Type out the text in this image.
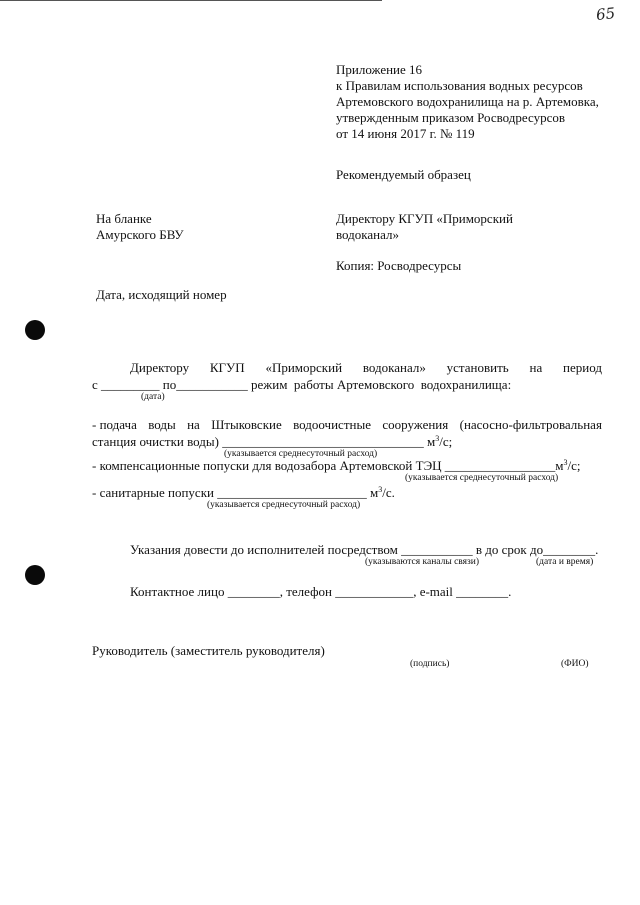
65
Приложение 16
к Правилам использования водных ресурсов
Артемовского водохранилища на р. Артемовка,
утвержденным приказом Росводресурсов
от 14 июня 2017 г. № 119
Рекомендуемый образец
На бланке
Амурского БВУ
Директору КГУП «Приморский
водоканал»
Копия: Росводресурсы
Дата, исходящий номер
Директору КГУП «Приморский водоканал» установить на период
с _________ по___________ режим  работы Артемовского  водохранилища:
(дата)
- подача воды на Штыковские водоочистные сооружения (насосно-фильтровальная
станция очистки воды) _______________________________ $м^3/с$;
(указывается среднесуточный расход)
- компенсационные попуски для водозабора Артемовской ТЭЦ $\_\_\_\_\_\_\_\_\_\_\_\_\_\_\_\_\_м^3/с$;
(указывается среднесуточный расход)
- санитарные попуски _______________________ $м^3/с$.
(указывается среднесуточный расход)
Указания довести до исполнителей посредством ___________ в до срок до________.
(указываются каналы связи)	(дата и время)
Контактное лицо ________, телефон ____________, e-mail ________.
Руководитель (заместитель руководителя)
(подпись)	(ФИО)
